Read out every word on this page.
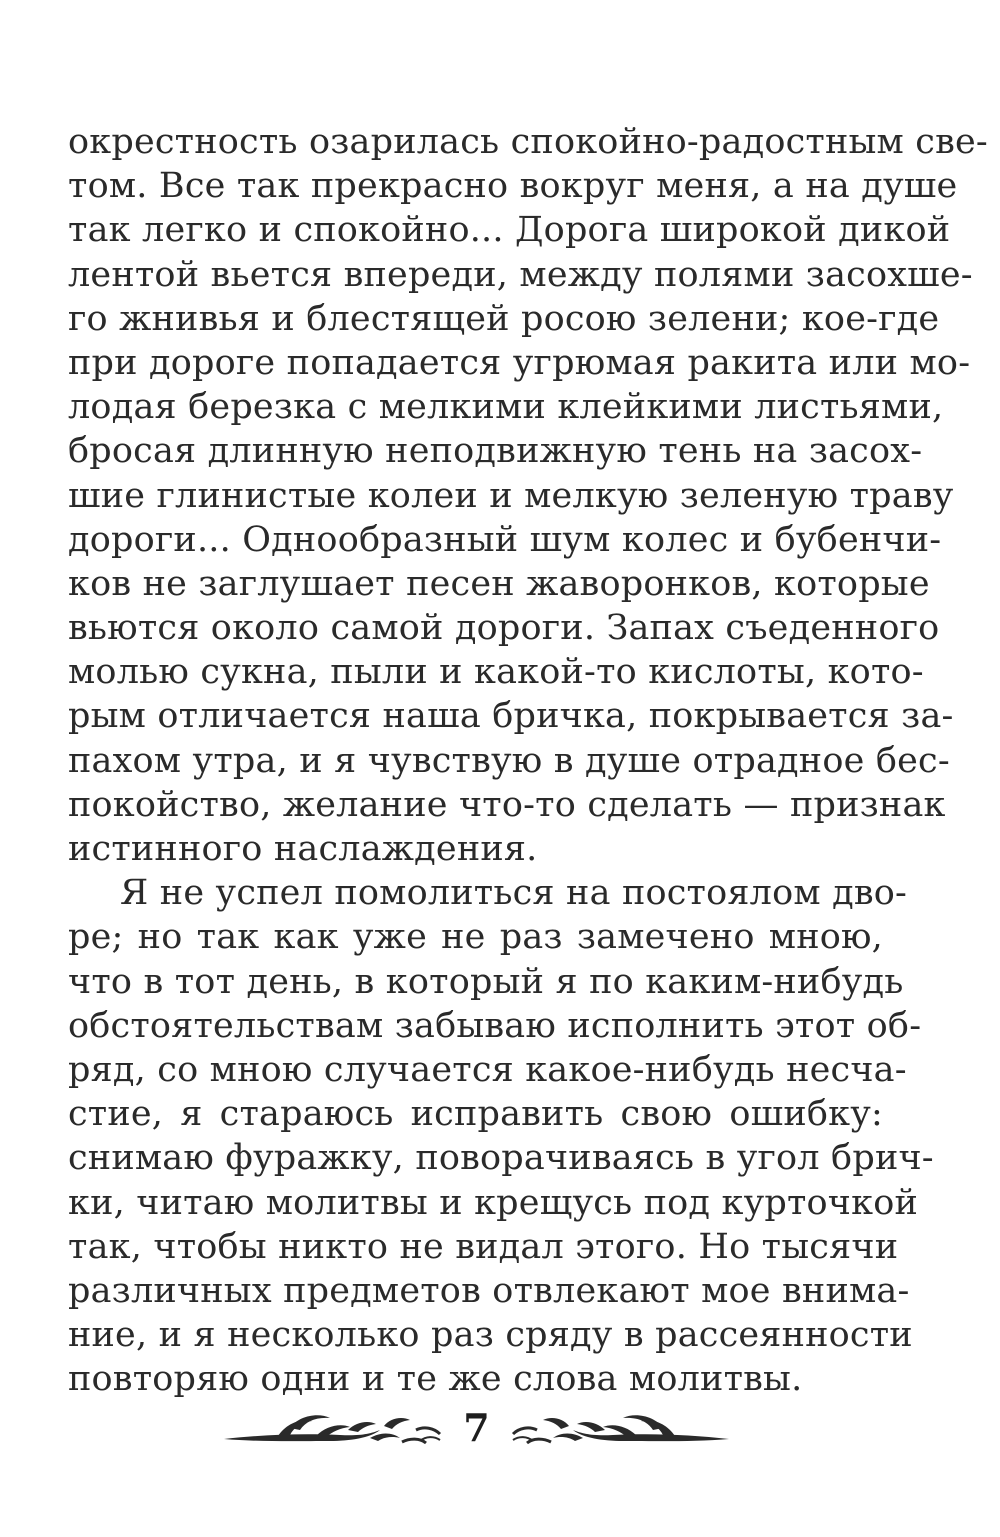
окрестность озарилась спокойно-радостным све-
том. Все так прекрасно вокруг меня, а на душе
так легко и спокойно... Дорога широкой дикой
лентой вьется впереди, между полями засохше-
го жнивья и блестящей росою зелени; кое-где
при дороге попадается угрюмая ракита или мо-
лодая березка с мелкими клейкими листьями,
бросая длинную неподвижную тень на засох-
шие глинистые колеи и мелкую зеленую траву
дороги... Однообразный шум колес и бубенчи-
ков не заглушает песен жаворонков, которые
вьются около самой дороги. Запах съеденного
молью сукна, пыли и какой-то кислоты, кото-
рым отличается наша бричка, покрывается за-
пахом утра, и я чувствую в душе отрадное бес-
покойство, желание что-то сделать — признак
истинного наслаждения.
Я не успел помолиться на постоялом дво-
ре; но так как уже не раз замечено мною,
что в тот день, в который я по каким-нибудь
обстоятельствам забываю исполнить этот об-
ряд, со мною случается какое-нибудь несча-
стие, я стараюсь исправить свою ошибку:
снимаю фуражку, поворачиваясь в угол брич-
ки, читаю молитвы и крещусь под курточкой
так, чтобы никто не видал этого. Но тысячи
различных предметов отвлекают мое внима-
ние, и я несколько раз сряду в рассеянности
повторяю одни и те же слова молитвы.
7
